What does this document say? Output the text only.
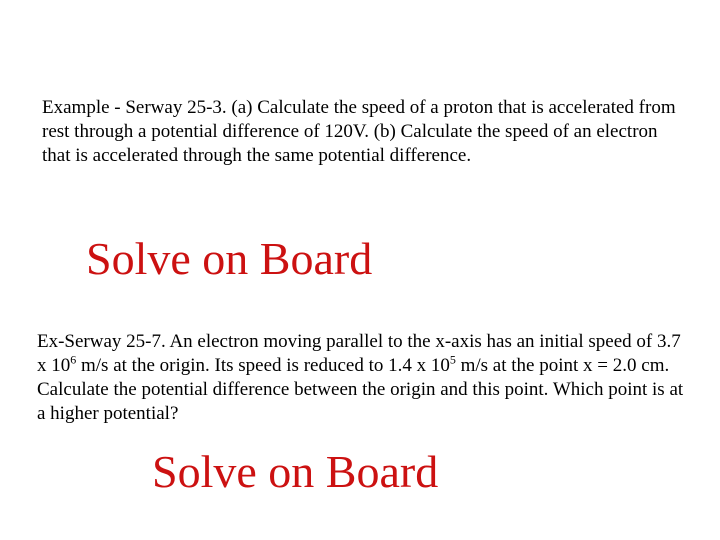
Example - Serway 25-3. (a) Calculate the speed of a proton that is accelerated from rest through a potential difference of 120V. (b) Calculate the speed of an electron that is accelerated through the same potential difference.

Solve on Board

Ex-Serway 25-7. An electron moving parallel to the x-axis has an initial speed of 3.7 x $10^6$ m/s at the origin. Its speed is reduced to 1.4 x $10^5$ m/s at the point x = 2.0 cm. Calculate the potential difference between the origin and this point. Which point is at a higher potential?

Solve on Board
